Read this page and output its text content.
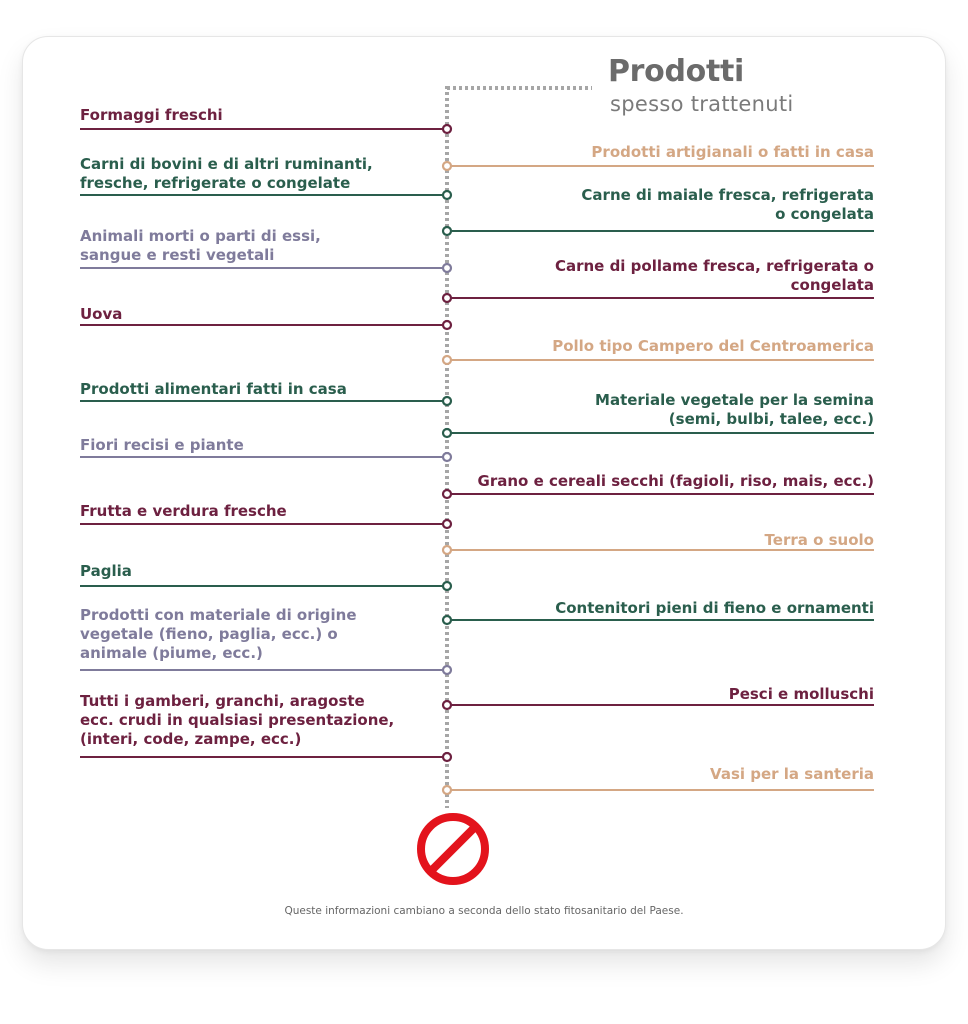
Prodotti
spesso trattenuti
Formaggi freschi
Carni di bovini e di altri ruminanti,
fresche, refrigerate o congelate
Animali morti o parti di essi,
sangue e resti vegetali
Uova
Prodotti alimentari fatti in casa
Fiori recisi e piante
Frutta e verdura fresche
Paglia
Prodotti con materiale di origine
vegetale (fieno, paglia, ecc.) o
animale (piume, ecc.)
Tutti i gamberi, granchi, aragoste
ecc. crudi in qualsiasi presentazione,
(interi, code, zampe, ecc.)
Prodotti artigianali o fatti in casa
Carne di maiale fresca, refrigerata
o congelata
Carne di pollame fresca, refrigerata o
congelata
Pollo tipo Campero del Centroamerica
Materiale vegetale per la semina
(semi, bulbi, talee, ecc.)
Grano e cereali secchi (fagioli, riso, mais, ecc.)
Terra o suolo
Contenitori pieni di fieno e ornamenti
Pesci e molluschi
Vasi per la santeria
Queste informazioni cambiano a seconda dello stato fitosanitario del Paese.
